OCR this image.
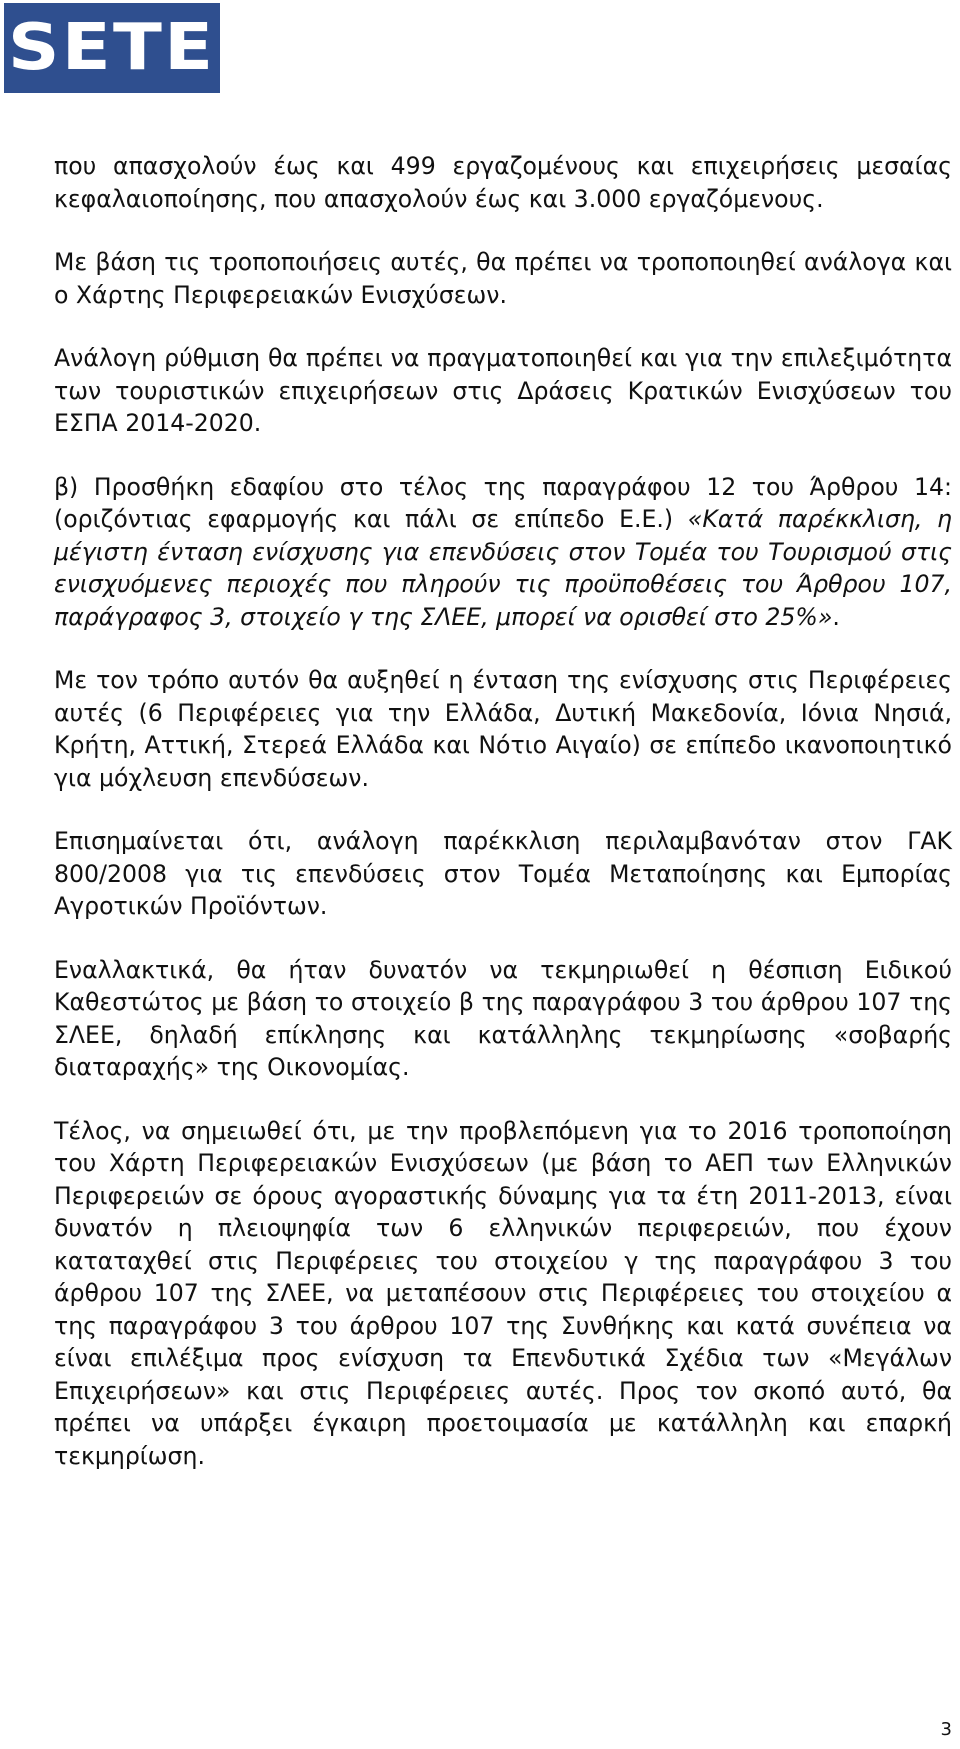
SETE

που απασχολούν έως και 499 εργαζομένους και επιχειρήσεις μεσαίας κεφαλαιοποίησης, που απασχολούν έως και 3.000 εργαζόμενους.

Με βάση τις τροποποιήσεις αυτές, θα πρέπει να τροποποιηθεί ανάλογα και ο Χάρτης Περιφερειακών Ενισχύσεων.

Ανάλογη ρύθμιση θα πρέπει να πραγματοποιηθεί και για την επιλεξιμότητα των τουριστικών επιχειρήσεων στις Δράσεις Κρατικών Ενισχύσεων του ΕΣΠΑ 2014-2020.

β) Προσθήκη εδαφίου στο τέλος της παραγράφου 12 του Άρθρου 14: (οριζόντιας εφαρμογής και πάλι σε επίπεδο Ε.Ε.) «Κατά παρέκκλιση, η μέγιστη ένταση ενίσχυσης για επενδύσεις στον Τομέα του Τουρισμού στις ενισχυόμενες περιοχές που πληρούν τις προϋποθέσεις του Άρθρου 107, παράγραφος 3, στοιχείο γ της ΣΛΕΕ, μπορεί να ορισθεί στο 25%».

Με τον τρόπο αυτόν θα αυξηθεί η ένταση της ενίσχυσης στις Περιφέρειες αυτές (6 Περιφέρειες για την Ελλάδα, Δυτική Μακεδονία, Ιόνια Νησιά, Κρήτη, Αττική, Στερεά Ελλάδα και Νότιο Αιγαίο) σε επίπεδο ικανοποιητικό για μόχλευση επενδύσεων.

Επισημαίνεται ότι, ανάλογη παρέκκλιση περιλαμβανόταν στον ΓΑΚ 800/2008 για τις επενδύσεις στον Τομέα Μεταποίησης και Εμπορίας Αγροτικών Προϊόντων.

Εναλλακτικά, θα ήταν δυνατόν να τεκμηριωθεί η θέσπιση Ειδικού Καθεστώτος με βάση το στοιχείο β της παραγράφου 3 του άρθρου 107 της ΣΛΕΕ, δηλαδή επίκλησης και κατάλληλης τεκμηρίωσης «σοβαρής διαταραχής» της Οικονομίας.

Τέλος, να σημειωθεί ότι, με την προβλεπόμενη για το 2016 τροποποίηση του Χάρτη Περιφερειακών Ενισχύσεων (με βάση το ΑΕΠ των Ελληνικών Περιφερειών σε όρους αγοραστικής δύναμης για τα έτη 2011-2013, είναι δυνατόν η πλειοψηφία των 6 ελληνικών περιφερειών, που έχουν καταταχθεί στις Περιφέρειες του στοιχείου γ της παραγράφου 3 του άρθρου 107 της ΣΛΕΕ, να μεταπέσουν στις Περιφέρειες του στοιχείου α της παραγράφου 3 του άρθρου 107 της Συνθήκης και κατά συνέπεια να είναι επιλέξιμα προς ενίσχυση τα Επενδυτικά Σχέδια των «Μεγάλων Επιχειρήσεων» και στις Περιφέρειες αυτές. Προς τον σκοπό αυτό, θα πρέπει να υπάρξει έγκαιρη προετοιμασία με κατάλληλη και επαρκή τεκμηρίωση.

3
